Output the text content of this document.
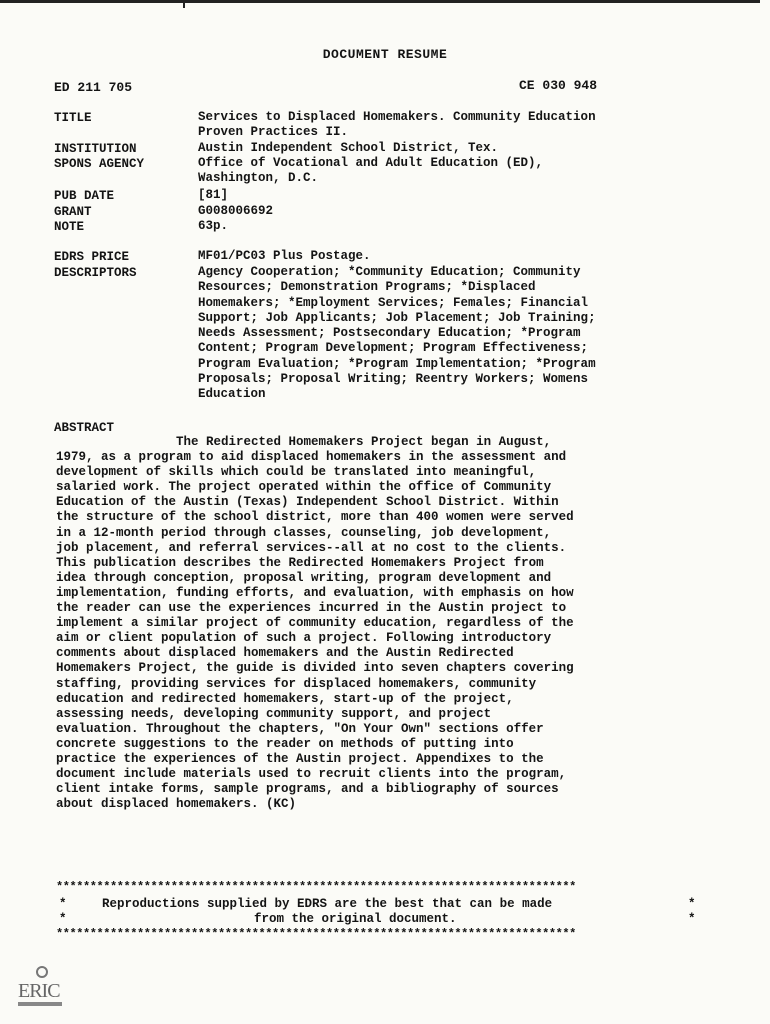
DOCUMENT RESUME
ED 211 705	CE 030 948
TITLE	Services to Displaced Homemakers. Community Education
Proven Practices II.
INSTITUTION	Austin Independent School District, Tex.
SPONS AGENCY	Office of Vocational and Adult Education (ED),
Washington, D.C.
PUB DATE	[81]
GRANT	G008006692
NOTE	63p.
EDRS PRICE	MF01/PC03 Plus Postage.
DESCRIPTORS	Agency Cooperation; *Community Education; Community
Resources; Demonstration Programs; *Displaced
Homemakers; *Employment Services; Females; Financial
Support; Job Applicants; Job Placement; Job Training;
Needs Assessment; Postsecondary Education; *Program
Content; Program Development; Program Effectiveness;
Program Evaluation; *Program Implementation; *Program
Proposals; Proposal Writing; Reentry Workers; Womens
Education
ABSTRACT
The Redirected Homemakers Project began in August,
1979, as a program to aid displaced homemakers in the assessment and
development of skills which could be translated into meaningful,
salaried work. The project operated within the office of Community
Education of the Austin (Texas) Independent School District. Within
the structure of the school district, more than 400 women were served
in a 12-month period through classes, counseling, job development,
job placement, and referral services--all at no cost to the clients.
This publication describes the Redirected Homemakers Project from
idea through conception, proposal writing, program development and
implementation, funding efforts, and evaluation, with emphasis on how
the reader can use the experiences incurred in the Austin project to
implement a similar project of community education, regardless of the
aim or client population of such a project. Following introductory
comments about displaced homemakers and the Austin Redirected
Homemakers Project, the guide is divided into seven chapters covering
staffing, providing services for displaced homemakers, community
education and redirected homemakers, start-up of the project,
assessing needs, developing community support, and project
evaluation. Throughout the chapters, "On Your Own" sections offer
concrete suggestions to the reader on methods of putting into
practice the experiences of the Austin project. Appendixes to the
document include materials used to recruit clients into the program,
client intake forms, sample programs, and a bibliography of sources
about displaced homemakers. (KC)
*****************************************************************************
*	Reproductions supplied by EDRS are the best that can be made	*
*	from the original document.	*
*****************************************************************************
ERIC
